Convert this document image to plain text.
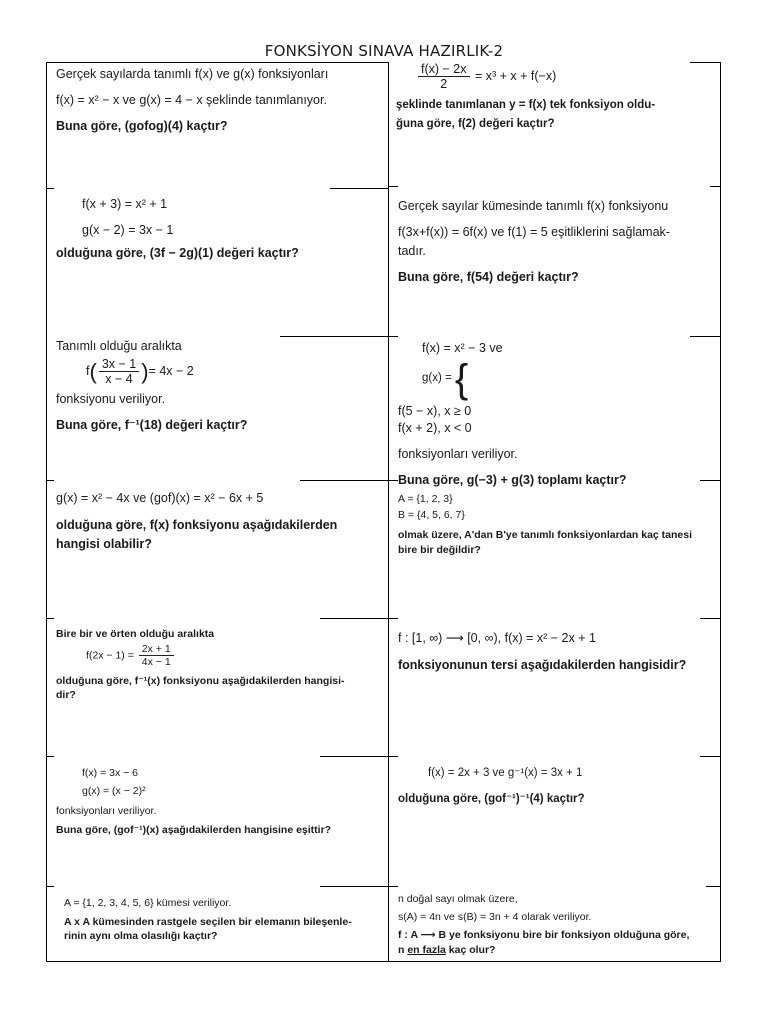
FONKSİYON SINAVA HAZIRLIK-2

Gerçek sayılarda tanımlı f(x) ve g(x) fonksiyonları

f(x) = x² − x ve g(x) = 4 − x şeklinde tanımlanıyor.

Buna göre, (gofog)(4) kaçtır?

$\frac{f(x) - 2x}{2} = x^3 + x + f(-x)$

şeklinde tanımlanan y = f(x) tek fonksiyon oldu-

ğuna göre, f(2) değeri kaçtır?

f(x + 3) = x² + 1

g(x − 2) = 3x − 1

olduğuna göre, (3f − 2g)(1) değeri kaçtır?

Gerçek sayılar kümesinde tanımlı f(x) fonksiyonu

f(3x+f(x)) = 6f(x) ve f(1) = 5 eşitliklerini sağlamak-

tadır.

Buna göre, f(54) değeri kaçtır?

Tanımlı olduğu aralıkta

$f( \frac{3x - 1}{x - 4}$ )= 4x − 2

fonksiyonu veriliyor.

Buna göre, f⁻¹(18) değeri kaçtır?

f(x) = x² − 3 ve

g(x) = {

f(5 − x), x ≥ 0
f(x + 2), x < 0

fonksiyonları veriliyor.

Buna göre, g(−3) + g(3) toplamı kaçtır?

g(x) = x² − 4x ve (gof)(x) = x² − 6x + 5

olduğuna göre, f(x) fonksiyonu aşağıdakilerden

hangisi olabilir?

A = {1, 2, 3}

B = {4, 5, 6, 7}

olmak üzere, A'dan B'ye tanımlı fonksiyonlardan kaç tanesi

bire bir değildir?

Bire bir ve örten olduğu aralıkta

$f(2x - 1) = \frac{2x + 1}{4x - 1}$

olduğuna göre, f⁻¹(x) fonksiyonu aşağıdakilerden hangisi-

dir?

f : [1, ∞) ⟶ [0, ∞), f(x) = x² − 2x + 1

fonksiyonunun tersi aşağıdakilerden hangisidir?

f(x) = 3x − 6

g(x) = (x − 2)²

fonksiyonları veriliyor.

Buna göre, (gof⁻¹)(x) aşağıdakilerden hangisine eşittir?

f(x) = 2x + 3 ve g⁻¹(x) = 3x + 1

olduğuna göre, (gof⁻¹)⁻¹(4) kaçtır?

A = {1, 2, 3, 4, 5, 6} kümesi veriliyor.

A x A kümesinden rastgele seçilen bir elemanın bileşenle-

rinin aynı olma olasılığı kaçtır?

n doğal sayı olmak üzere,

s(A) = 4n ve s(B) = 3n + 4 olarak veriliyor.

f : A ⟶ B ye fonksiyonu bire bir fonksiyon olduğuna göre,

n en fazla kaç olur?
